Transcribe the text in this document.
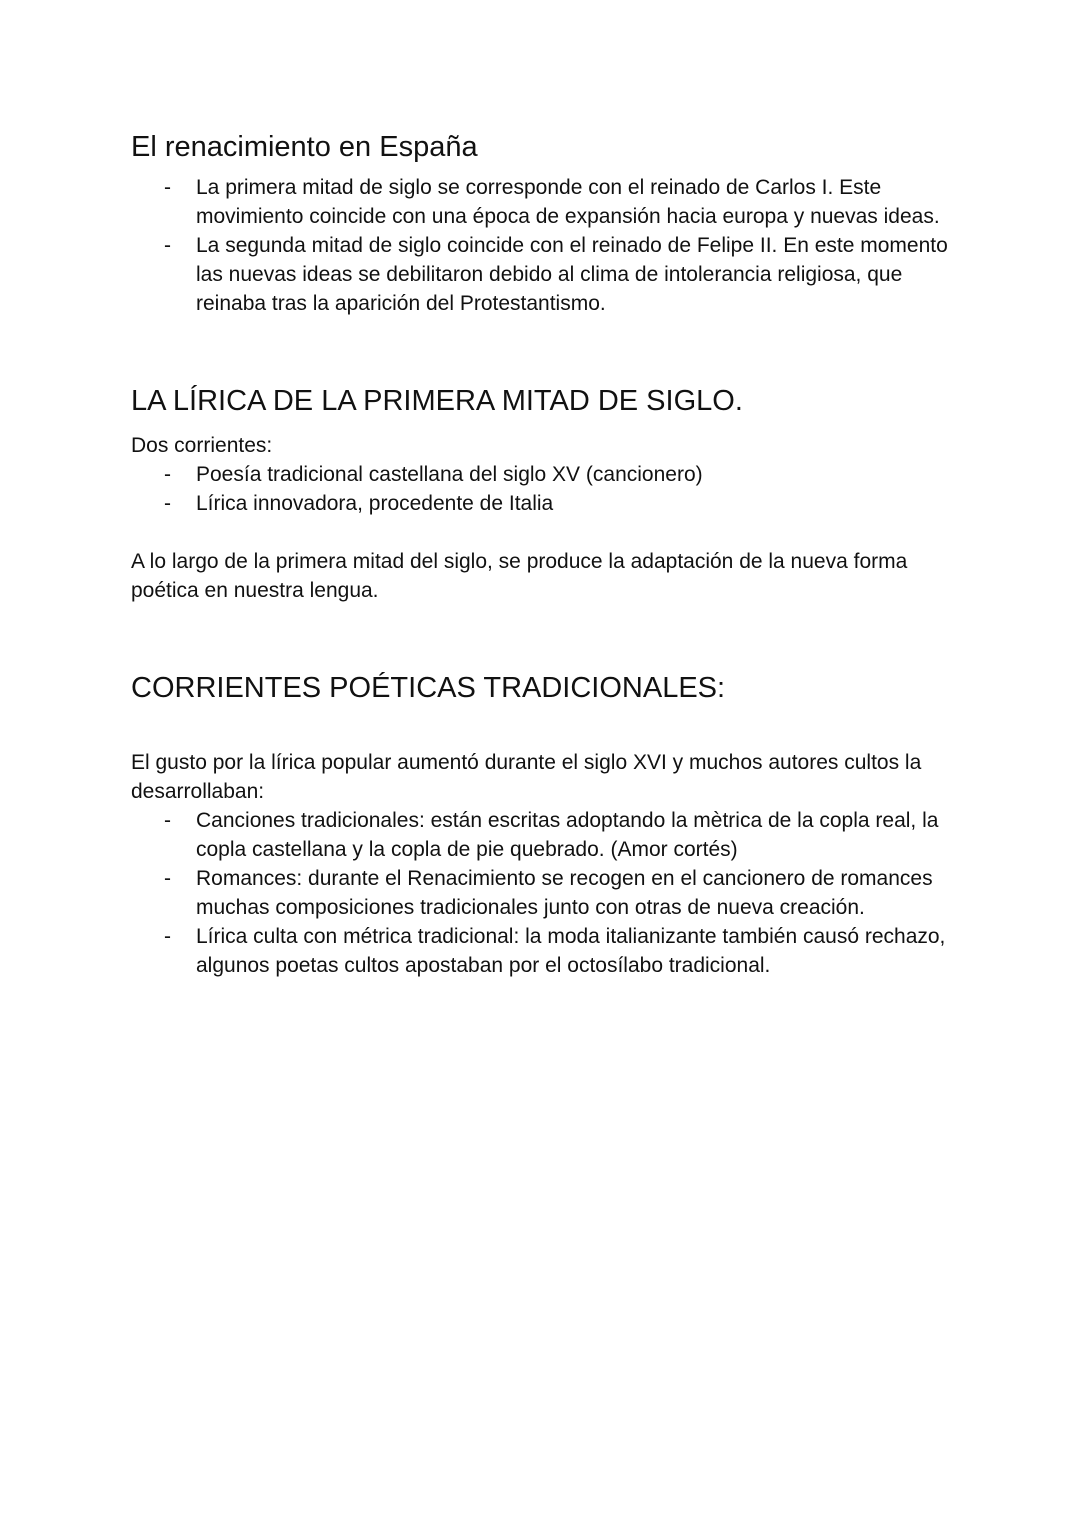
El renacimiento en España
- La primera mitad de siglo se corresponde con el reinado de Carlos I. Este movimiento coincide con una época de expansión hacia europa y nuevas ideas.
- La segunda mitad de siglo coincide con el reinado de Felipe II. En este momento las nuevas ideas se debilitaron debido al clima de intolerancia religiosa, que reinaba tras la aparición del Protestantismo.
LA LÍRICA DE LA PRIMERA MITAD DE SIGLO.

Dos corrientes:

- Poesía tradicional castellana del siglo XV (cancionero)
- Lírica innovadora, procedente de Italia

A lo largo de la primera mitad del siglo, se produce la adaptación de la nueva forma poética en nuestra lengua.

CORRIENTES POÉTICAS TRADICIONALES:

El gusto por la lírica popular aumentó durante el siglo XVI y muchos autores cultos la desarrollaban:

- Canciones tradicionales: están escritas adoptando la mètrica de la copla real, la copla castellana y la copla de pie quebrado. (Amor cortés)
- Romances: durante el Renacimiento se recogen en el cancionero de romances muchas composiciones tradicionales junto con otras de nueva creación.
- Lírica culta con métrica tradicional: la moda italianizante también causó rechazo, algunos poetas cultos apostaban por el octosílabo tradicional.
